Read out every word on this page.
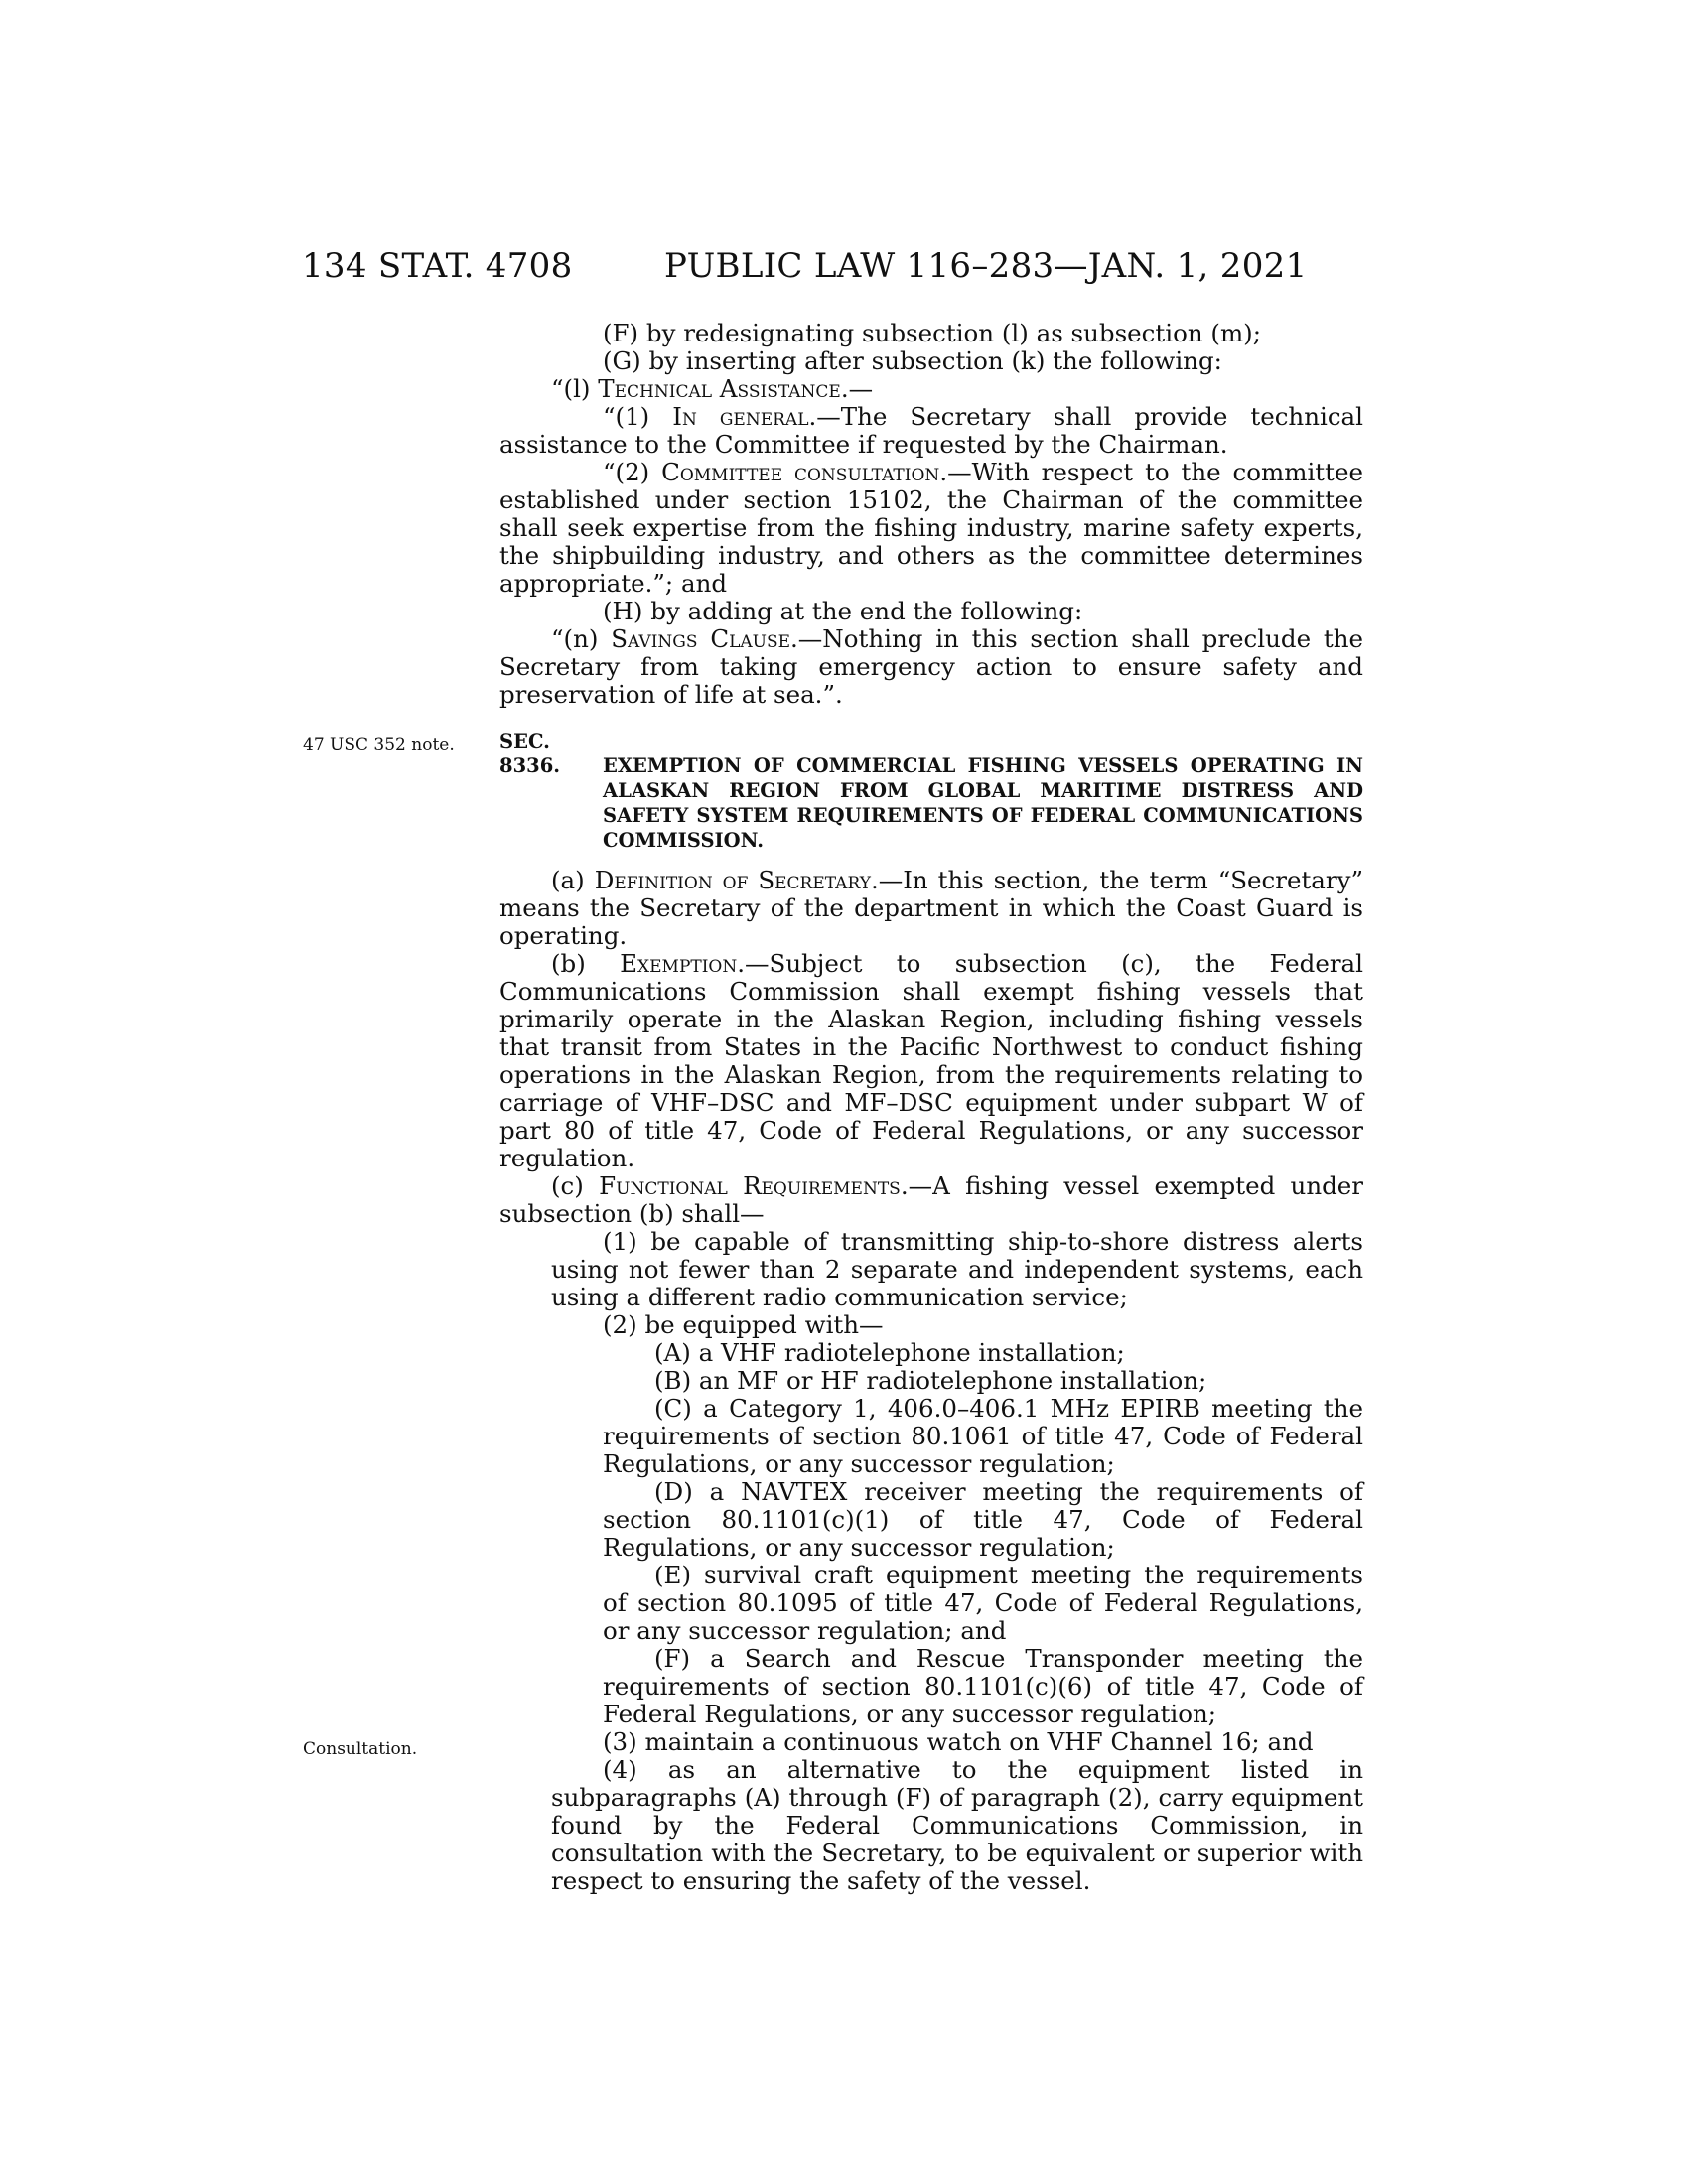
134 STAT. 4708	PUBLIC LAW 116–283—JAN. 1, 2021
47 USC 352 note.
Consultation.

(F) by redesignating subsection (l) as subsection (m);

(G) by inserting after subsection (k) the following:

“(l) Technical Assistance.—

“(1) In general.—The Secretary shall provide technical assistance to the Committee if requested by the Chairman.

“(2) Committee consultation.—With respect to the committee established under section 15102, the Chairman of the committee shall seek expertise from the fishing industry, marine safety experts, the shipbuilding industry, and others as the committee determines appropriate.”; and

(H) by adding at the end the following:

“(n) Savings Clause.—Nothing in this section shall preclude the Secretary from taking emergency action to ensure safety and preservation of life at sea.”.

SEC. 8336. EXEMPTION OF COMMERCIAL FISHING VESSELS OPERATING IN ALASKAN REGION FROM GLOBAL MARITIME DISTRESS AND SAFETY SYSTEM REQUIREMENTS OF FEDERAL COMMUNICATIONS COMMISSION.

(a) Definition of Secretary.—In this section, the term “Secretary” means the Secretary of the department in which the Coast Guard is operating.

(b) Exemption.—Subject to subsection (c), the Federal Communications Commission shall exempt fishing vessels that primarily operate in the Alaskan Region, including fishing vessels that transit from States in the Pacific Northwest to conduct fishing operations in the Alaskan Region, from the requirements relating to carriage of VHF–DSC and MF–DSC equipment under subpart W of part 80 of title 47, Code of Federal Regulations, or any successor regulation.

(c) Functional Requirements.—A fishing vessel exempted under subsection (b) shall—

(1) be capable of transmitting ship-to-shore distress alerts using not fewer than 2 separate and independent systems, each using a different radio communication service;

(2) be equipped with—

(A) a VHF radiotelephone installation;

(B) an MF or HF radiotelephone installation;

(C) a Category 1, 406.0–406.1 MHz EPIRB meeting the requirements of section 80.1061 of title 47, Code of Federal Regulations, or any successor regulation;

(D) a NAVTEX receiver meeting the requirements of section 80.1101(c)(1) of title 47, Code of Federal Regulations, or any successor regulation;

(E) survival craft equipment meeting the requirements of section 80.1095 of title 47, Code of Federal Regulations, or any successor regulation; and

(F) a Search and Rescue Transponder meeting the requirements of section 80.1101(c)(6) of title 47, Code of Federal Regulations, or any successor regulation;

(3) maintain a continuous watch on VHF Channel 16; and

(4) as an alternative to the equipment listed in subparagraphs (A) through (F) of paragraph (2), carry equipment found by the Federal Communications Commission, in consultation with the Secretary, to be equivalent or superior with respect to ensuring the safety of the vessel.
